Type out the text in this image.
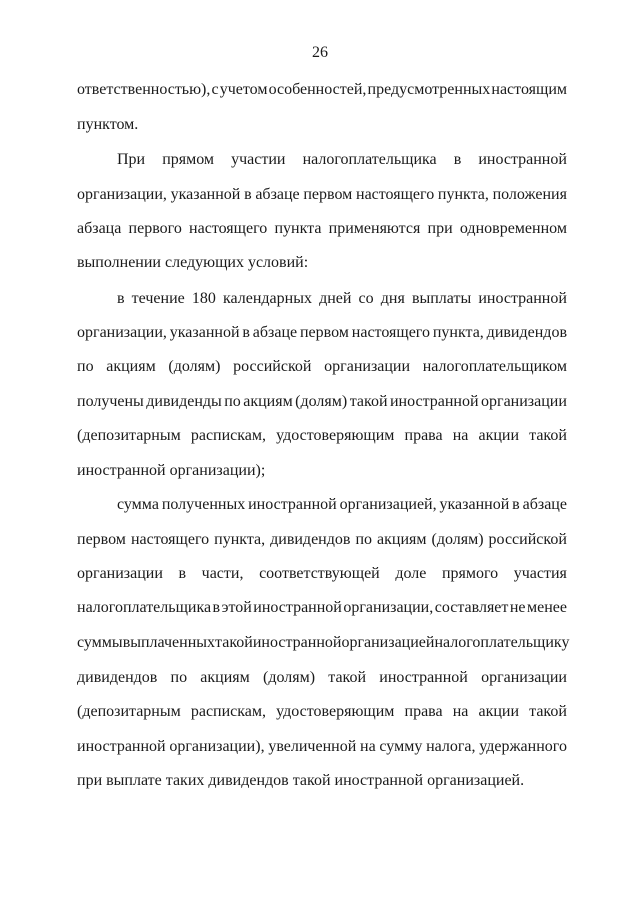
26
ответственностью), с учетом особенностей, предусмотренных настоящим
пунктом.
При прямом участии налогоплательщика в иностранной
организации, указанной в абзаце первом настоящего пункта, положения
абзаца первого настоящего пункта применяются при одновременном
выполнении следующих условий:
в течение 180 календарных дней со дня выплаты иностранной
организации, указанной в абзаце первом настоящего пункта, дивидендов
по акциям (долям) российской организации налогоплательщиком
получены дивиденды по акциям (долям) такой иностранной организации
(депозитарным распискам, удостоверяющим права на акции такой
иностранной организации);
сумма полученных иностранной организацией, указанной в абзаце
первом настоящего пункта, дивидендов по акциям (долям) российской
организации в части, соответствующей доле прямого участия
налогоплательщика в этой иностранной организации, составляет не менее
суммы выплаченных такой иностранной организацией налогоплательщику
дивидендов по акциям (долям) такой иностранной организации
(депозитарным распискам, удостоверяющим права на акции такой
иностранной организации), увеличенной на сумму налога, удержанного
при выплате таких дивидендов такой иностранной организацией.
